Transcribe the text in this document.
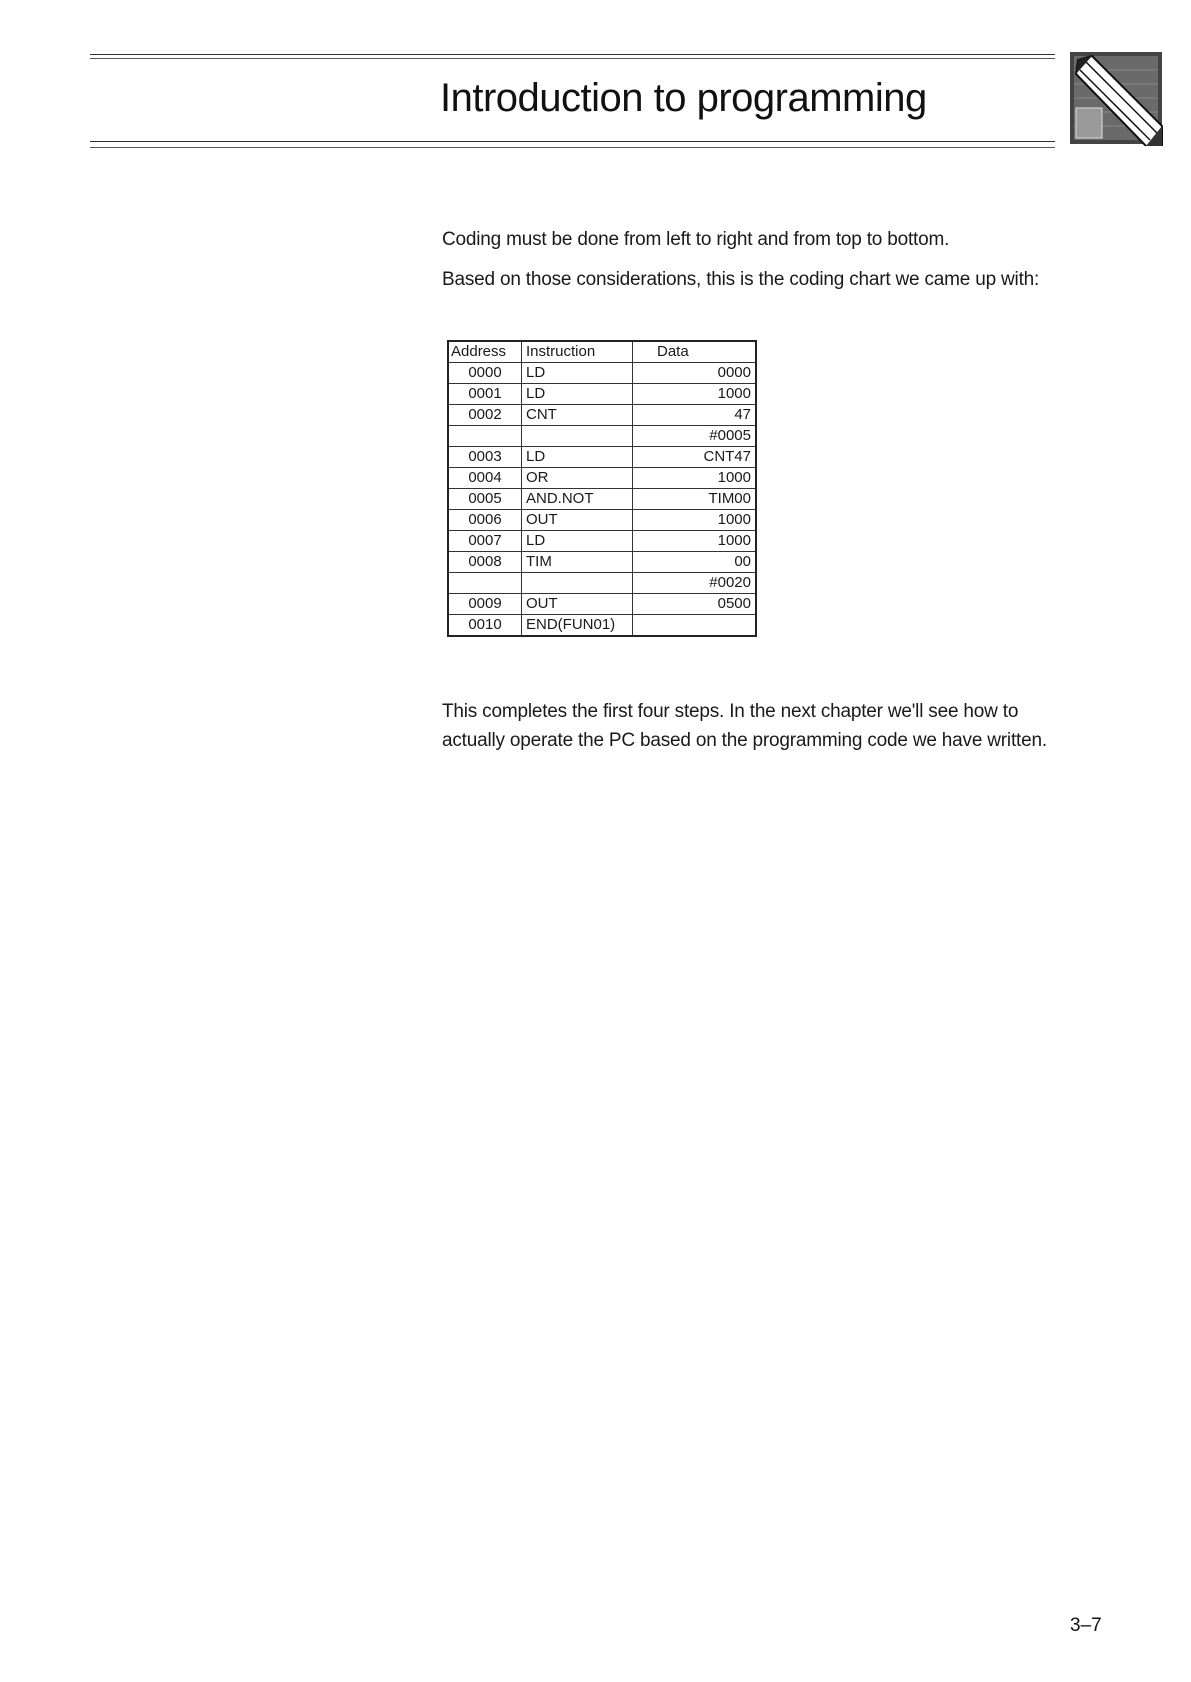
Introduction to programming

Coding must be done from left to right and from top to bottom.

Based on those considerations, this is the coding chart we came up with:

Address	Instruction	Data
0000	LD	0000
0001	LD	1000
0002	CNT	47
		#0005
0003	LD	CNT47
0004	OR	1000
0005	AND.NOT	TIM00
0006	OUT	1000
0007	LD	1000
0008	TIM	00
		#0020
0009	OUT	0500
0010	END(FUN01)	

This completes the first four steps. In the next chapter we'll see how to

actually operate the PC based on the programming code we have written.

3–7
